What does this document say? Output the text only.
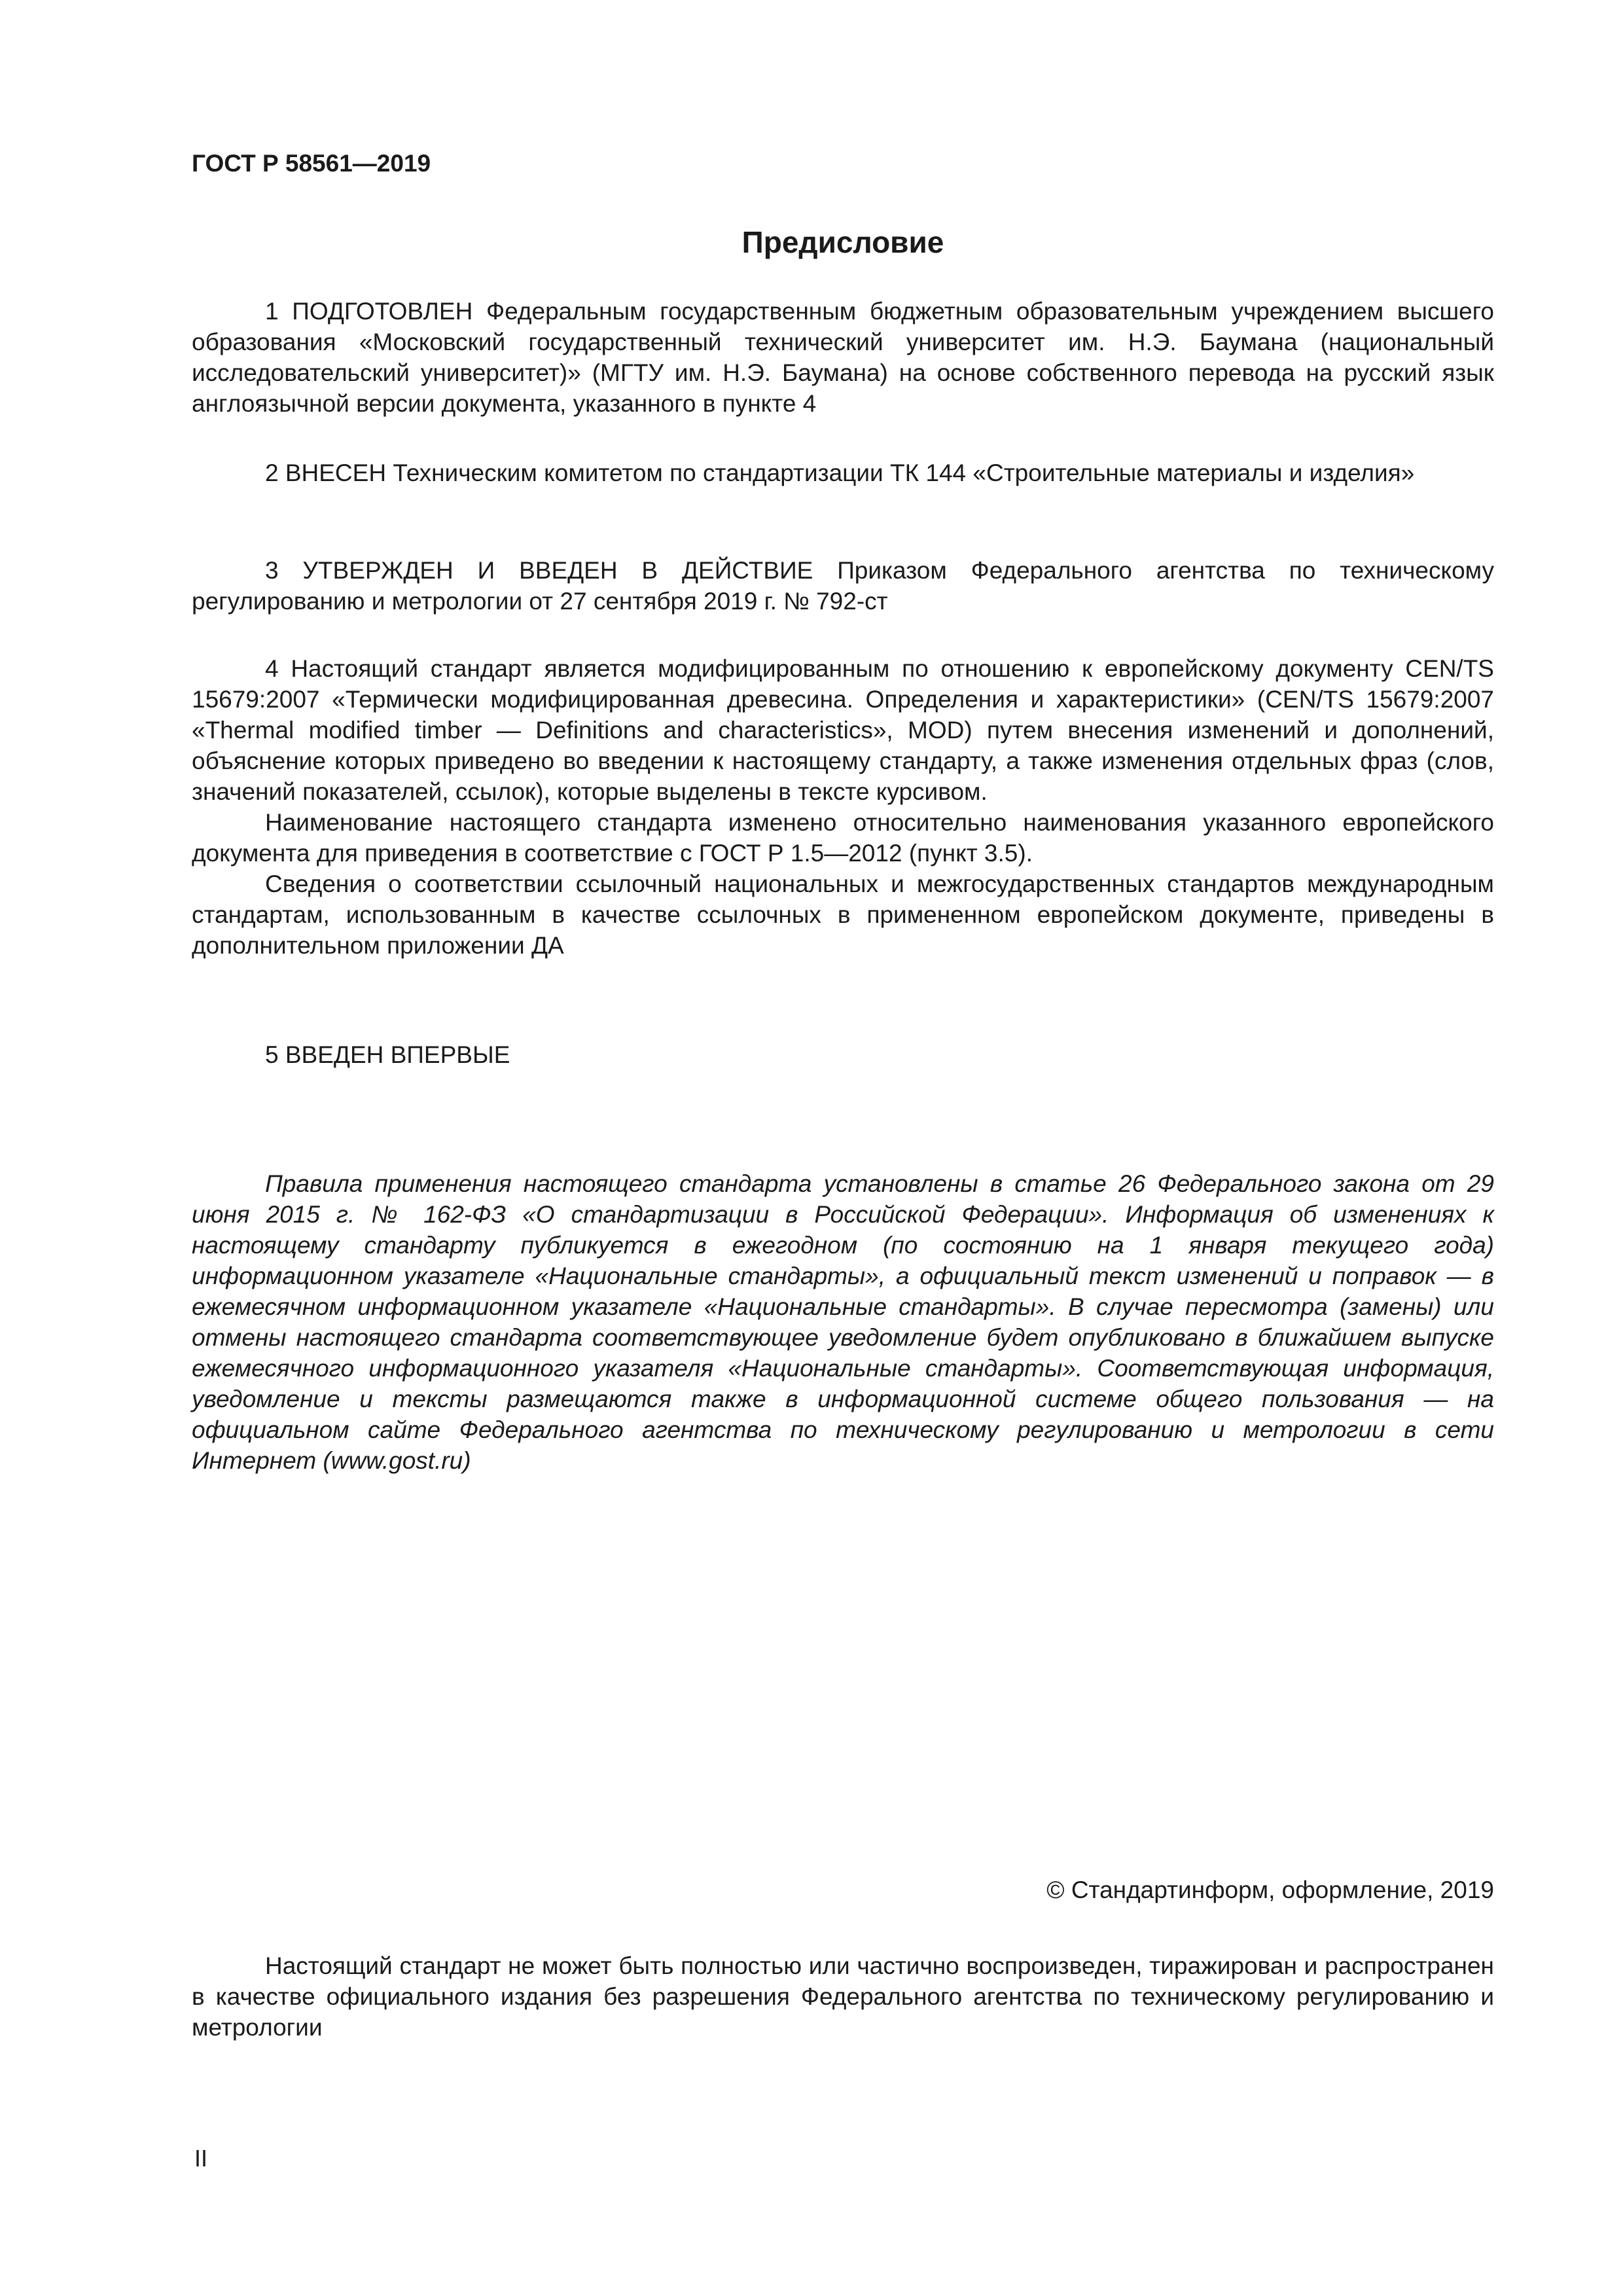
ГОСТ Р 58561—2019
Предисловие

1 ПОДГОТОВЛЕН Федеральным государственным бюджетным образовательным учреждением высшего образования «Московский государственный технический университет им. Н.Э. Баумана (национальный исследовательский университет)» (МГТУ им. Н.Э. Баумана) на основе собственного перевода на русский язык англоязычной версии документа, указанного в пункте 4

2 ВНЕСЕН Техническим комитетом по стандартизации ТК 144 «Строительные материалы и изделия»

3 УТВЕРЖДЕН И ВВЕДЕН В ДЕЙСТВИЕ Приказом Федерального агентства по техническому регулированию и метрологии от 27 сентября 2019 г. № 792-ст

4 Настоящий стандарт является модифицированным по отношению к европейскому документу CEN/TS 15679:2007 «Термически модифицированная древесина. Определения и характеристики» (CEN/TS 15679:2007 «Thermal modified timber — Definitions and characteristics», MOD) путем внесения изменений и дополнений, объяснение которых приведено во введении к настоящему стандарту, а также изменения отдельных фраз (слов, значений показателей, ссылок), которые выделены в тексте курсивом.

Наименование настоящего стандарта изменено относительно наименования указанного европейского документа для приведения в соответствие с ГОСТ Р 1.5—2012 (пункт 3.5).

Сведения о соответствии ссылочный национальных и межгосударственных стандартов международным стандартам, использованным в качестве ссылочных в примененном европейском документе, приведены в дополнительном приложении ДА

5 ВВЕДЕН ВПЕРВЫЕ

Правила применения настоящего стандарта установлены в статье 26 Федерального закона от 29 июня 2015 г. № 162-ФЗ «О стандартизации в Российской Федерации». Информация об изменениях к настоящему стандарту публикуется в ежегодном (по состоянию на 1 января текущего года) информационном указателе «Национальные стандарты», а официальный текст изменений и поправок — в ежемесячном информационном указателе «Национальные стандарты». В случае пересмотра (замены) или отмены настоящего стандарта соответствующее уведомление будет опубликовано в ближайшем выпуске ежемесячного информационного указателя «Национальные стандарты». Соответствующая информация, уведомление и тексты размещаются также в информационной системе общего пользования — на официальном сайте Федерального агентства по техническому регулированию и метрологии в сети Интернет (www.gost.ru)

© Стандартинформ, оформление, 2019

Настоящий стандарт не может быть полностью или частично воспроизведен, тиражирован и распространен в качестве официального издания без разрешения Федерального агентства по техническому регулированию и метрологии

II
